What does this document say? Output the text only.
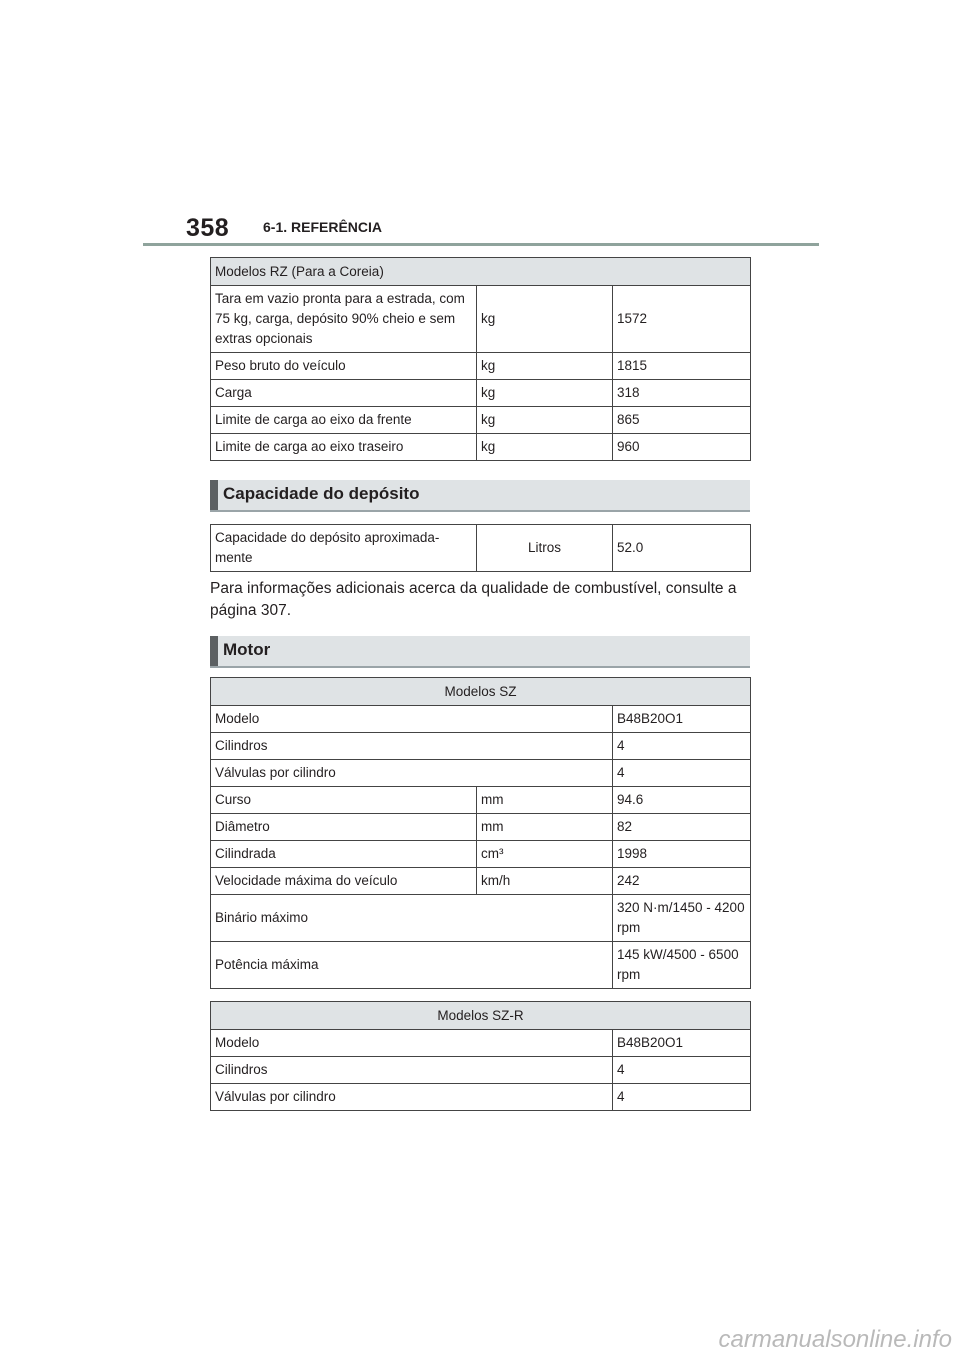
358 6-1. REFERÊNCIA
Modelos RZ (Para a Coreia)		
Tara em vazio pronta para a estrada, com 75 kg, carga, depósito 90% cheio e sem extras opcionais	kg	1572
Peso bruto do veículo	kg	1815
Carga	kg	318
Limite de carga ao eixo da frente	kg	865
Limite de carga ao eixo traseiro	kg	960
Capacidade do depósito
Capacidade do depósito aproximada-mente	Litros	52.0
Para informações adicionais acerca da qualidade de combustível, consulte a página 307.
Motor
Modelos SZ		
Modelo		B48B20O1
Cilindros		4
Válvulas por cilindro		4
Curso	mm	94.6
Diâmetro	mm	82
Cilindrada	cm³	1998
Velocidade máxima do veículo	km/h	242
Binário máximo		320 N·m/1450 - 4200 rpm
Potência máxima		145 kW/4500 - 6500 rpm
Modelos SZ-R	
Modelo	B48B20O1
Cilindros	4
Válvulas por cilindro	4
carmanualsonline.info
